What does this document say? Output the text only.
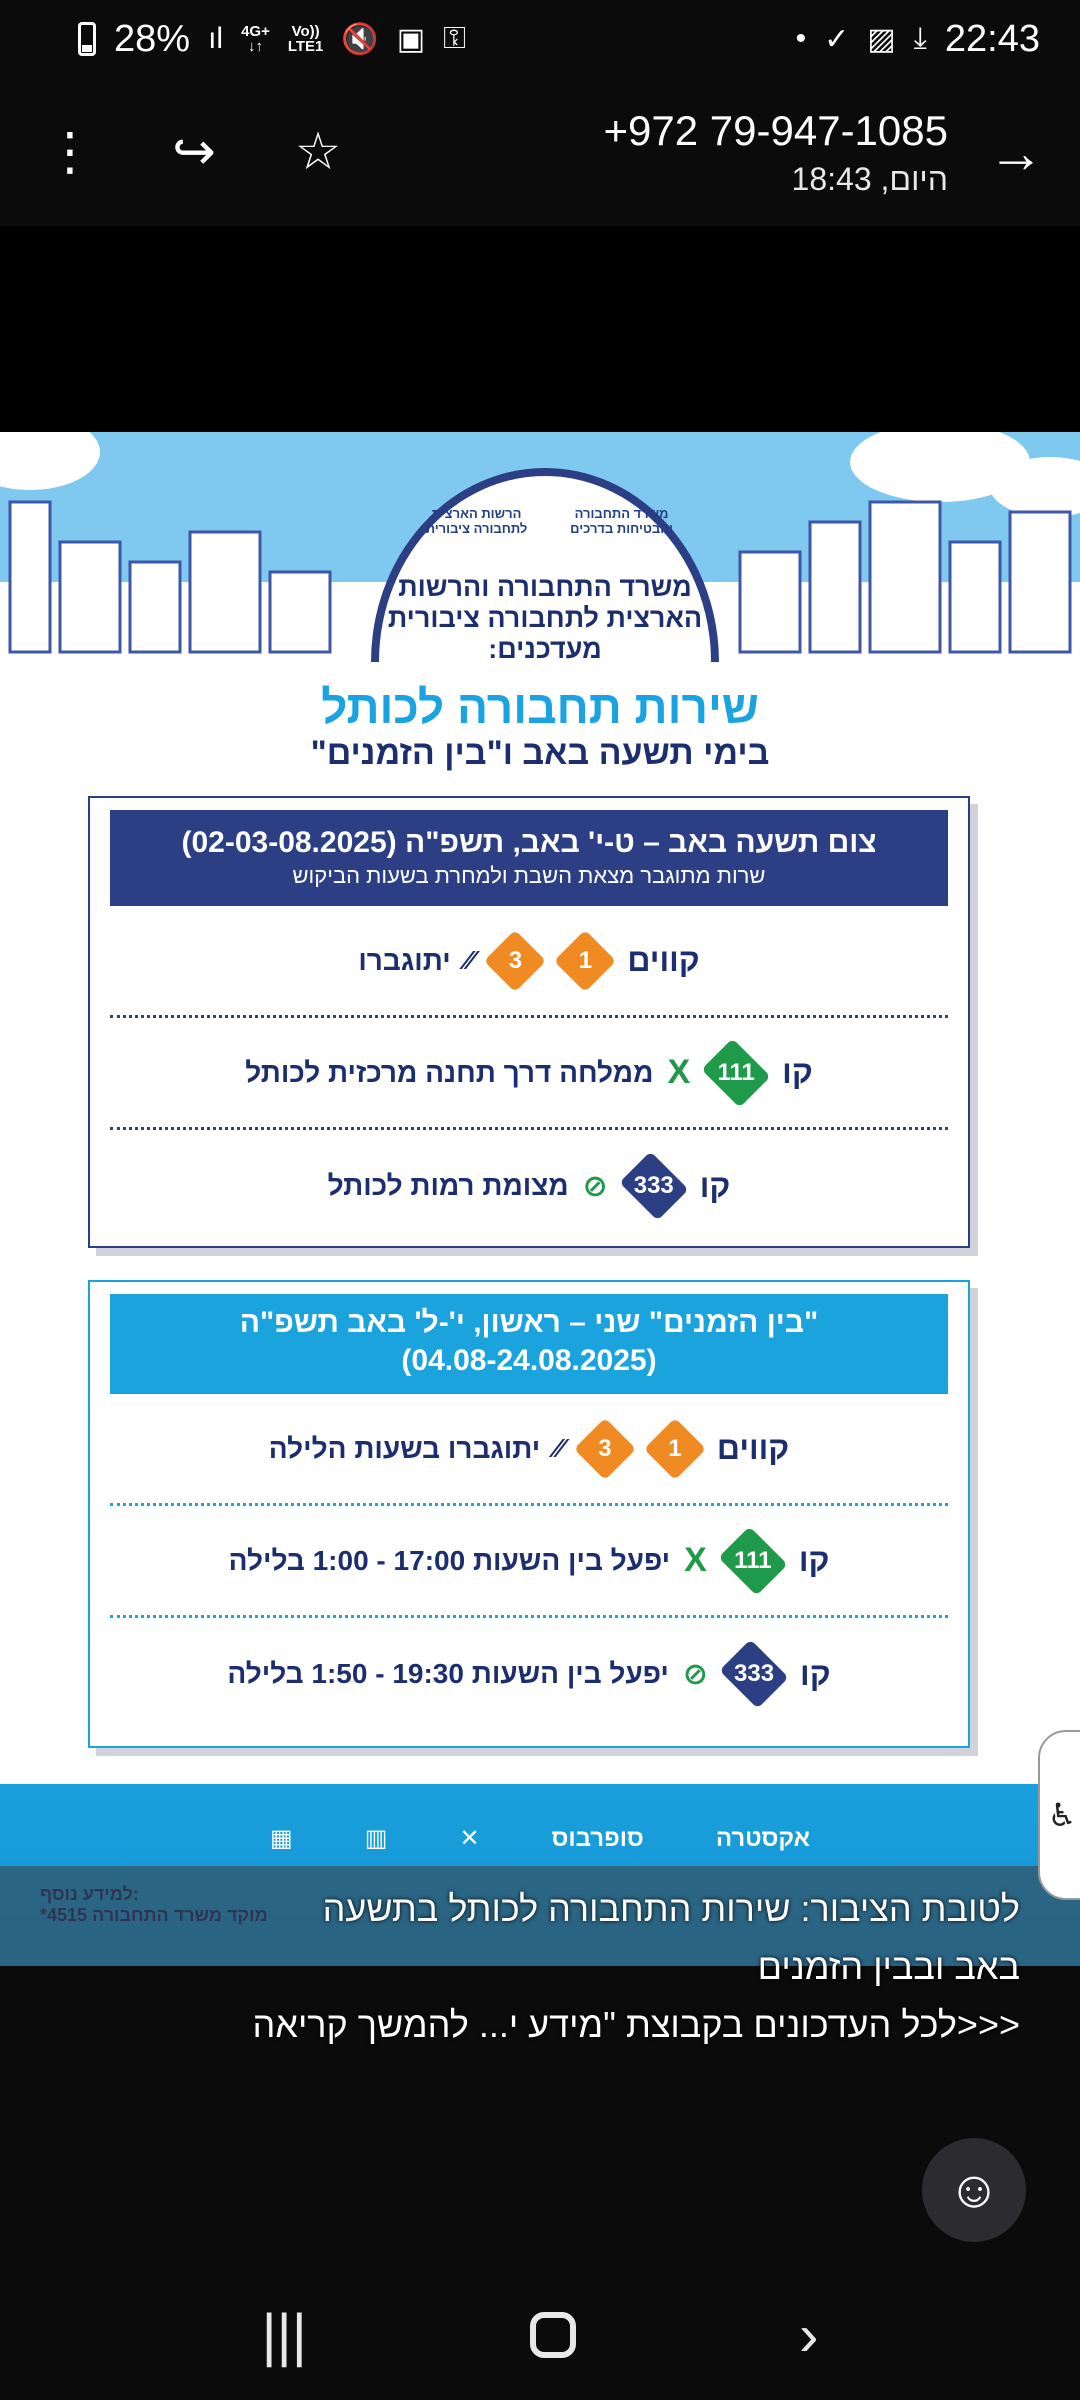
28% ıl 4G+
↓↑
Vo))
LTE1 🔇 ▣ ⚿	• ✓ ▨ ⤓ 22:43
⋮ ↪ ☆	+972 79-947-1085
היום, 18:43 →
משרד התחבורה והבטיחות בדרכים
הרשות הארצית לתחבורה ציבורית
משרד התחבורה והרשות הארצית לתחבורה ציבורית מעדכנים:
שירות תחבורה לכותל
בימי תשעה באב ו"בין הזמנים"
צום תשעה באב – ט-י' באב, תשפ"ה (02-03-08.2025)
שרות מתוגבר מצאת השבת ולמחרת בשעות הביקוש
קווים
1
3
⁄⁄
יתוגברו
קו
111
X
ממלחה דרך תחנה מרכזית לכותל
קו
333
⊘
מצומת רמות לכותל
"בין הזמנים" שני – ראשון, י'-ל' באב תשפ"ה
(04.08-24.08.2025)
קווים
1
3
⁄⁄
יתוגברו בשעות הלילה
קו
111
X
יפעל בין השעות 17:00 - 1:00 בלילה
קו
333
⊘
יפעל בין השעות 19:30 - 1:50 בלילה
אקסטרה
סופרבוס
✕
▥
▦
לטובת הציבור: שירות התחבורה לכותל בתשעה
באב ובבין הזמנים
<<<לכל העדכונים בקבוצת "מידע י... להמשך קריאה
♿
☺
|||	›
